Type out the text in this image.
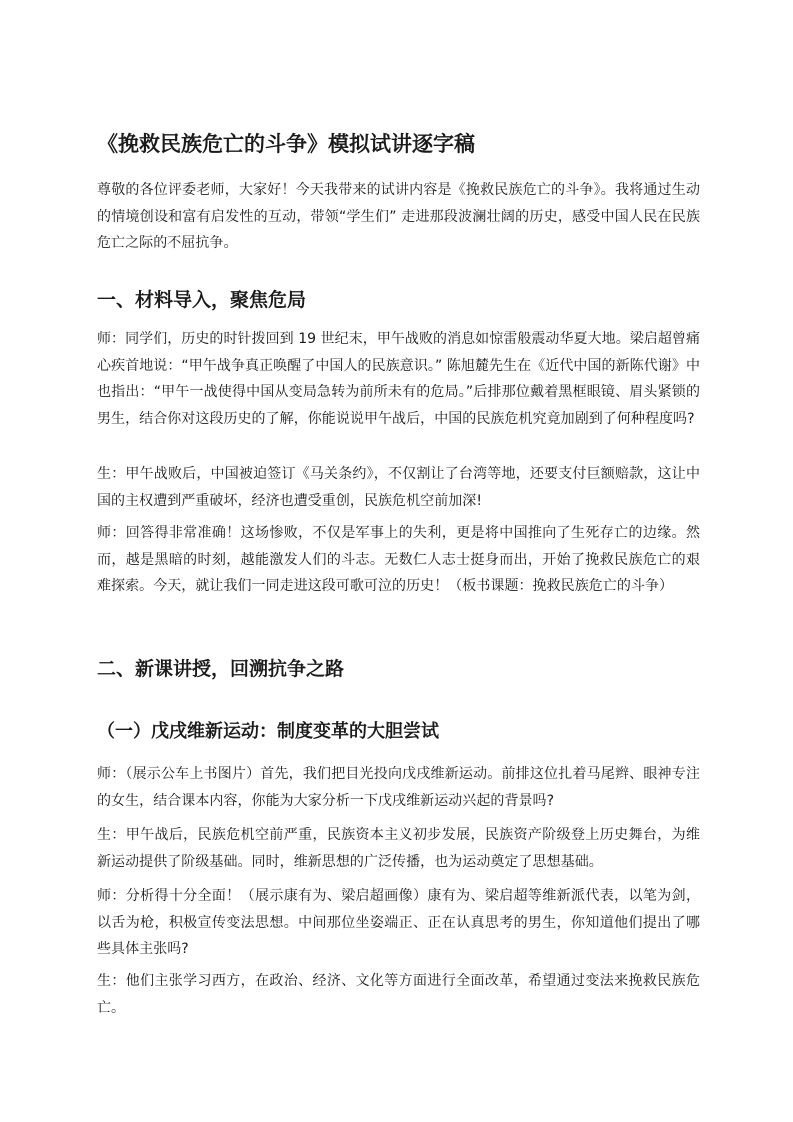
《挽救民族危亡的斗争》模拟试讲逐字稿

尊敬的各位评委老师，大家好！今天我带来的试讲内容是《挽救民族危亡的斗争》。我将通过生动的情境创设和富有启发性的互动，带领“学生们” 走进那段波澜壮阔的历史，感受中国人民在民族危亡之际的不屈抗争。

一、材料导入，聚焦危局

师：同学们，历史的时针拨回到 19 世纪末，甲午战败的消息如惊雷般震动华夏大地。梁启超曾痛心疾首地说：“甲午战争真正唤醒了中国人的民族意识。” 陈旭麓先生在《近代中国的新陈代谢》中也指出：“甲午一战使得中国从变局急转为前所未有的危局。”后排那位戴着黑框眼镜、眉头紧锁的男生，结合你对这段历史的了解，你能说说甲午战后，中国的民族危机究竟加剧到了何种程度吗?

生：甲午战败后，中国被迫签订《马关条约》，不仅割让了台湾等地，还要支付巨额赔款，这让中国的主权遭到严重破坏，经济也遭受重创，民族危机空前加深!

师：回答得非常准确！这场惨败，不仅是军事上的失利，更是将中国推向了生死存亡的边缘。然而，越是黑暗的时刻，越能激发人们的斗志。无数仁人志士挺身而出，开始了挽救民族危亡的艰难探索。今天，就让我们一同走进这段可歌可泣的历史！（板书课题：挽救民族危亡的斗争）

二、新课讲授，回溯抗争之路
（一）戊戌维新运动：制度变革的大胆尝试

师：（展示公车上书图片）首先，我们把目光投向戊戌维新运动。前排这位扎着马尾辫、眼神专注的女生，结合课本内容，你能为大家分析一下戊戌维新运动兴起的背景吗?

生：甲午战后，民族危机空前严重，民族资本主义初步发展，民族资产阶级登上历史舞台，为维新运动提供了阶级基础。同时，维新思想的广泛传播，也为运动奠定了思想基础。

师：分析得十分全面！（展示康有为、梁启超画像）康有为、梁启超等维新派代表，以笔为剑，以舌为枪，积极宣传变法思想。中间那位坐姿端正、正在认真思考的男生，你知道他们提出了哪些具体主张吗?

生：他们主张学习西方，在政治、经济、文化等方面进行全面改革，希望通过变法来挽救民族危亡。
